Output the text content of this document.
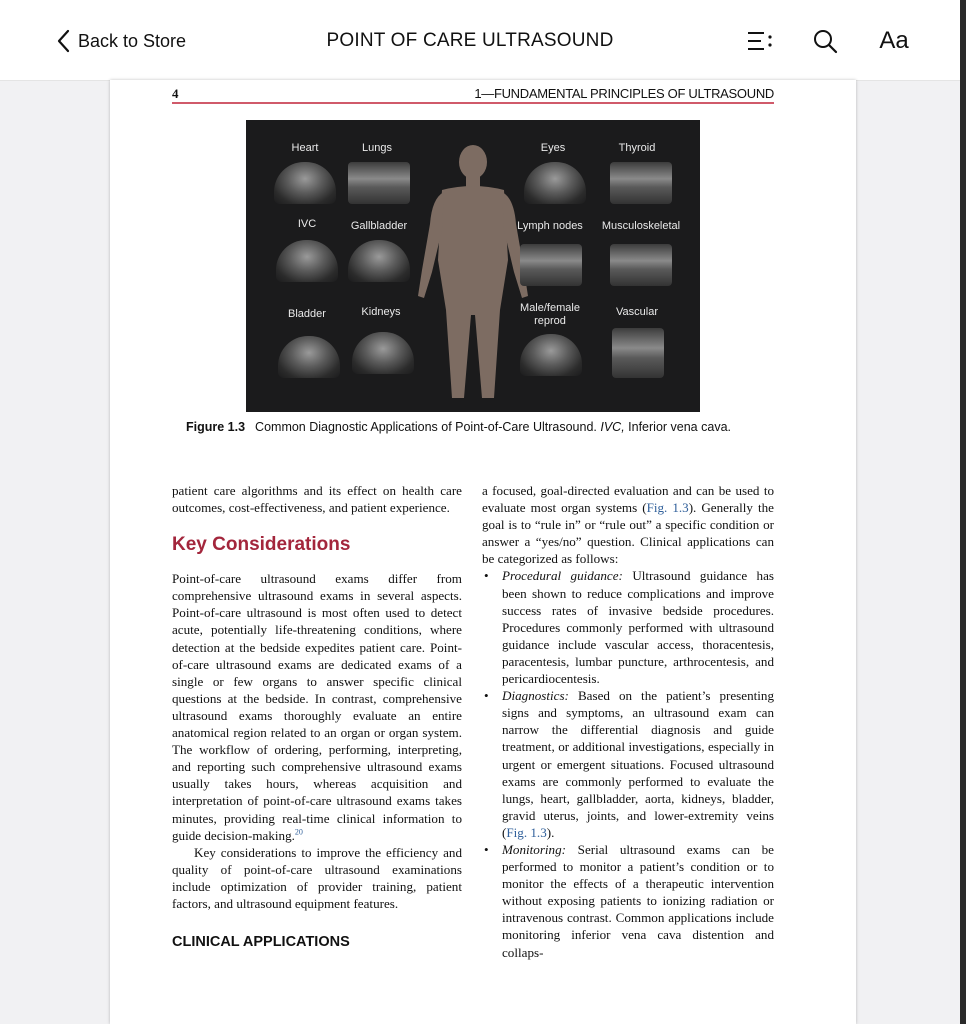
Back to Store	POINT OF CARE ULTRASOUND	Aa
4	1—FUNDAMENTAL PRINCIPLES OF ULTRASOUND
Heart	Lungs	Eyes	Thyroid
IVC	Gallbladder	Lymph nodes	Musculoskeletal
Bladder	Kidneys	Male/female reprod
Vascular
Figure 1.3 Common Diagnostic Applications of Point-of-Care Ultrasound. IVC, Inferior vena cava.

patient care algorithms and its effect on health care outcomes, cost-effectiveness, and patient experience.

Key Considerations

Point-of-care ultrasound exams differ from comprehensive ultrasound exams in several aspects. Point-of-care ultrasound is most often used to detect acute, potentially life-threatening conditions, where detection at the bedside expedites patient care. Point-of-care ultrasound exams are dedicated exams of a single or few organs to answer specific clinical questions at the bedside. In contrast, comprehensive ultrasound exams thoroughly evaluate an entire anatomical region related to an organ or organ system. The workflow of ordering, performing, interpreting, and reporting such comprehensive ultrasound exams usually takes hours, whereas acquisition and interpretation of point-of-care ultrasound exams takes minutes, providing real-time clinical information to guide decision-making.$^{20}$

Key considerations to improve the efficiency and quality of point-of-care ultrasound examinations include optimization of provider training, patient factors, and ultrasound equipment features.

CLINICAL APPLICATIONS

a focused, goal-directed evaluation and can be used to evaluate most organ systems (Fig. 1.3). Generally the goal is to “rule in” or “rule out” a specific condition or answer a “yes/no” question. Clinical applications can be categorized as follows:

• Procedural guidance: Ultrasound guidance has been shown to reduce complications and improve success rates of invasive bedside procedures. Procedures commonly performed with ultrasound guidance include vascular access, thoracentesis, paracentesis, lumbar puncture, arthrocentesis, and pericardiocentesis.
• Diagnostics: Based on the patient’s presenting signs and symptoms, an ultrasound exam can narrow the differential diagnosis and guide treatment, or additional investigations, especially in urgent or emergent situations. Focused ultrasound exams are commonly performed to evaluate the lungs, heart, gallbladder, aorta, kidneys, bladder, gravid uterus, joints, and lower-extremity veins (Fig. 1.3).
• Monitoring: Serial ultrasound exams can be performed to monitor a patient’s condition or to monitor the effects of a therapeutic intervention without exposing patients to ionizing radiation or intravenous contrast. Common applications include monitoring inferior vena cava distention and collaps-
